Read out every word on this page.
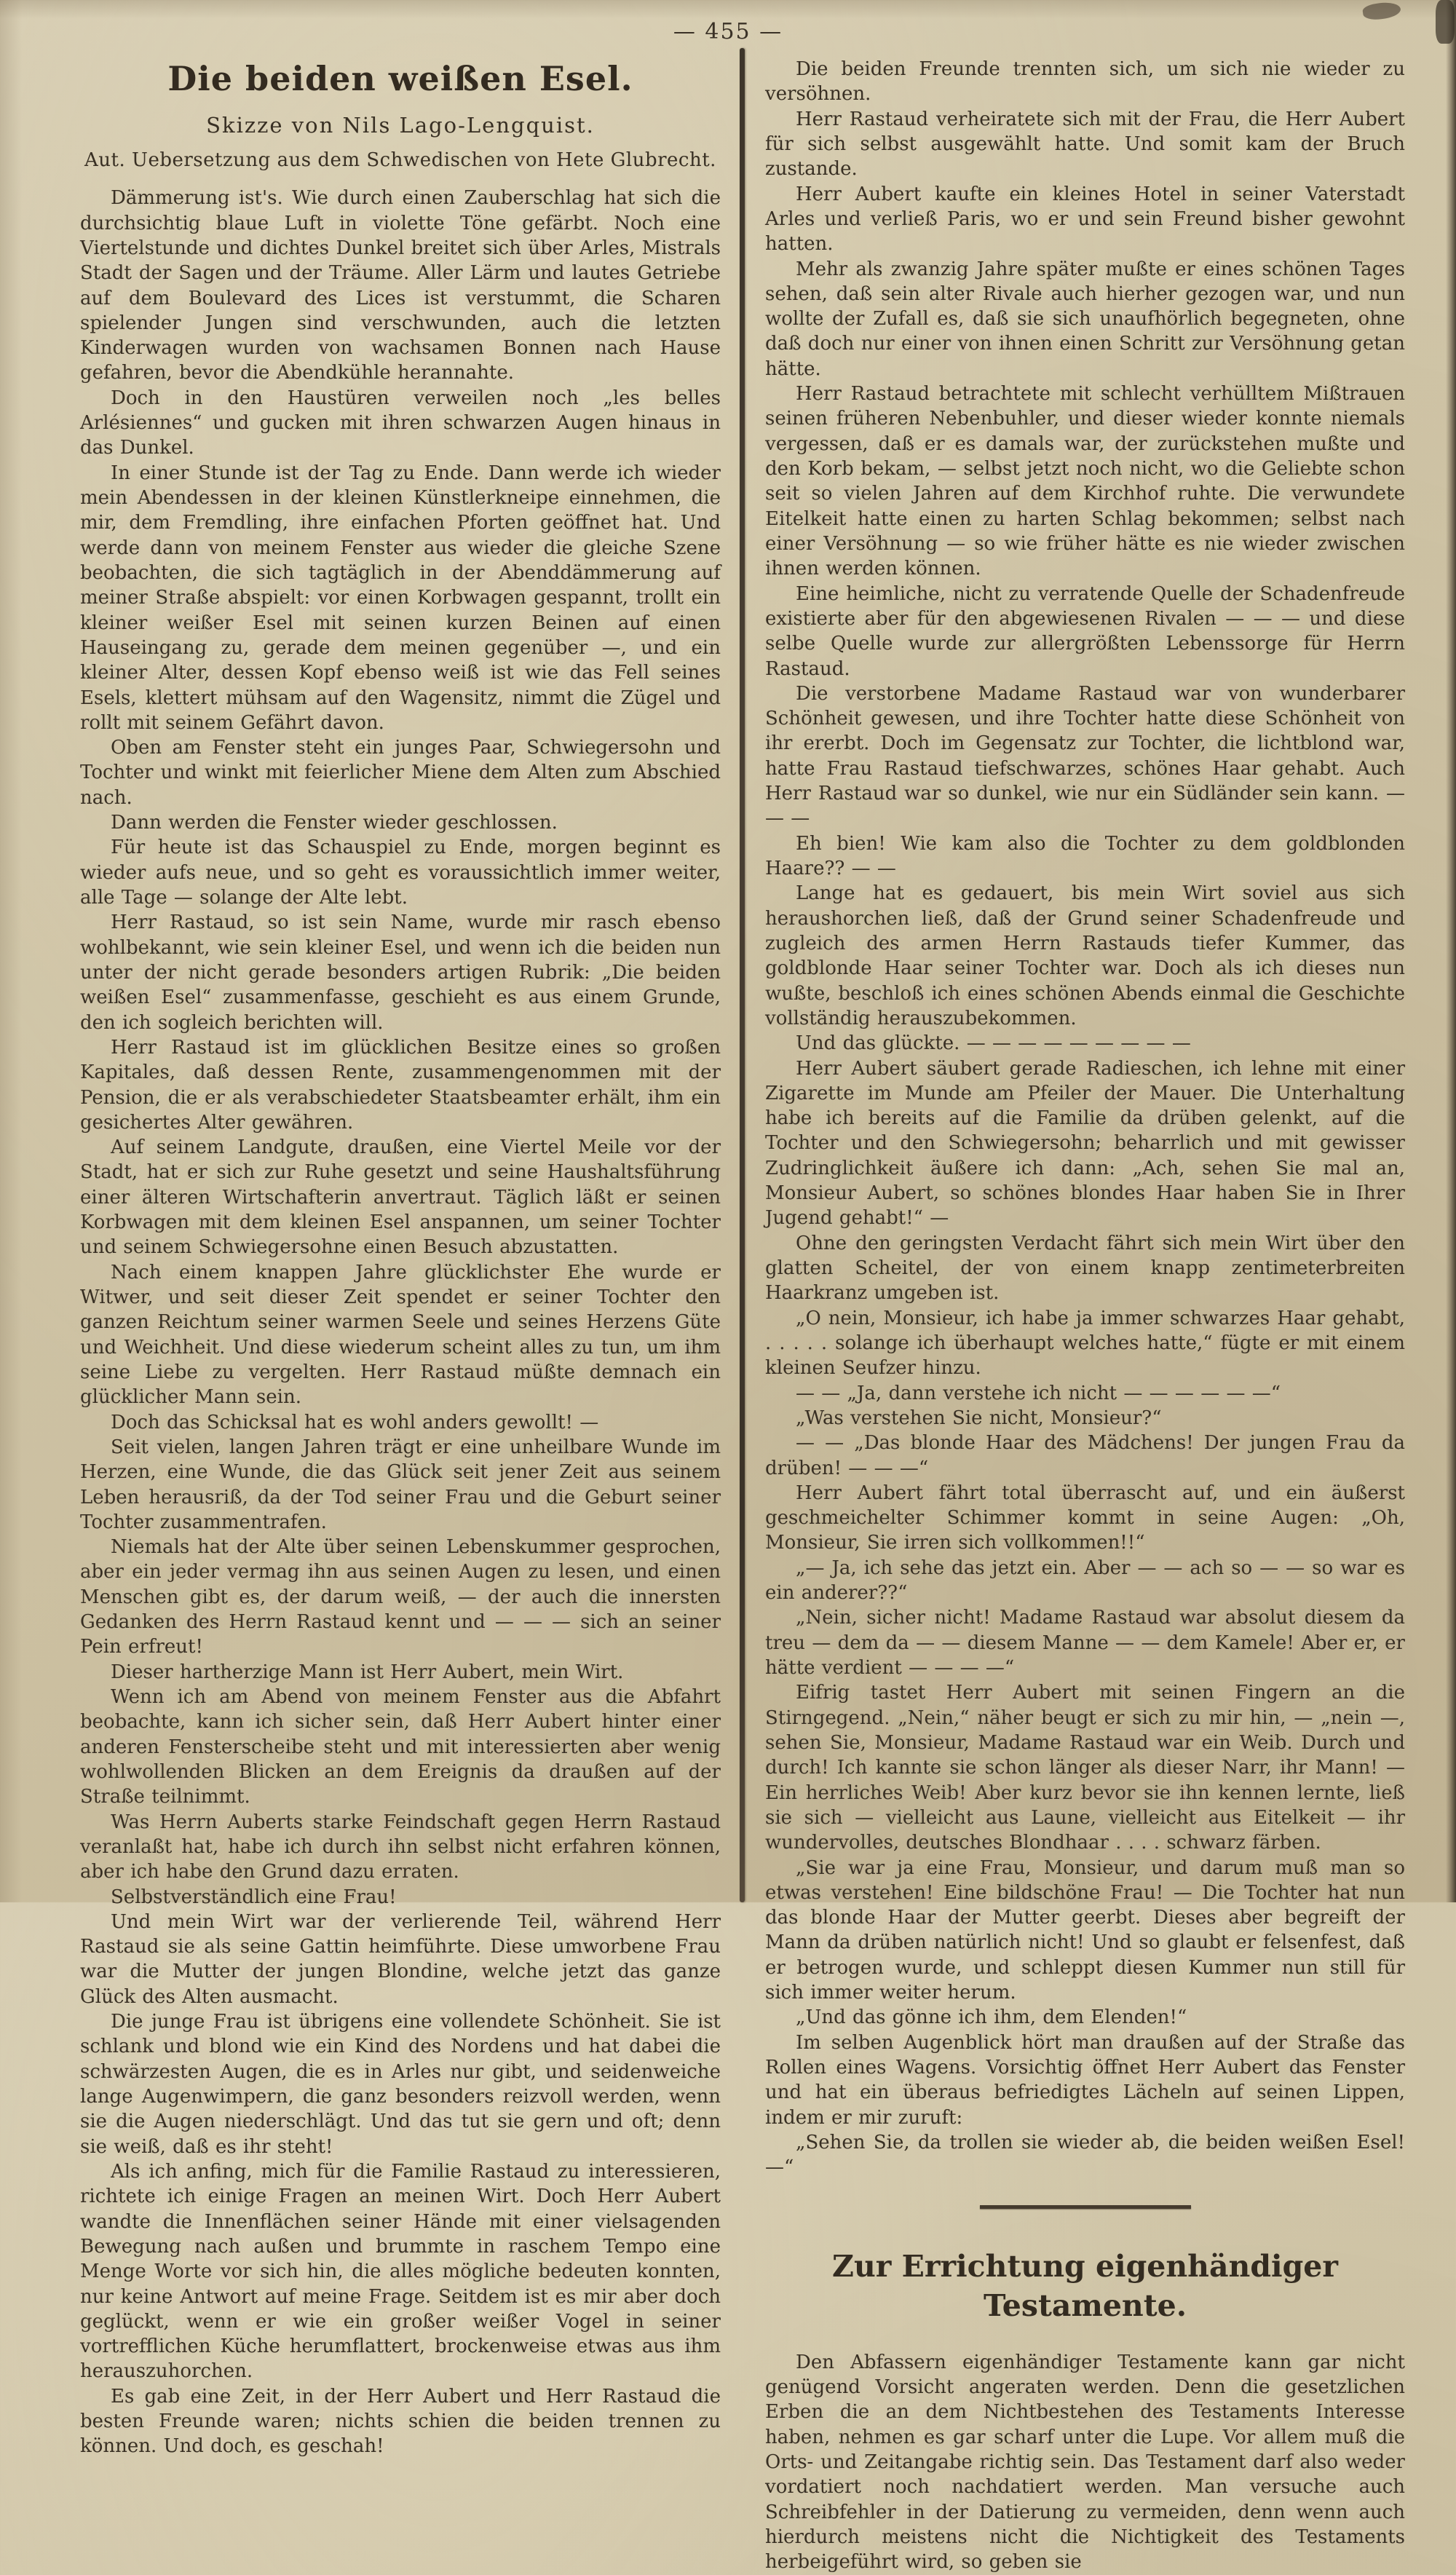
— 455 —
Die beiden weißen Esel.

Skizze von Nils Lago-Lengquist.

Aut. Uebersetzung aus dem Schwedischen von Hete Glubrecht.

Dämmerung ist's. Wie durch einen Zauberschlag hat sich die durchsichtig blaue Luft in violette Töne gefärbt. Noch eine Viertelstunde und dichtes Dunkel breitet sich über Arles, Mistrals Stadt der Sagen und der Träume. Aller Lärm und lautes Getriebe auf dem Boulevard des Lices ist verstummt, die Scharen spielender Jungen sind verschwunden, auch die letzten Kinderwagen wurden von wachsamen Bonnen nach Hause gefahren, bevor die Abendkühle herannahte.

Doch in den Haustüren verweilen noch „les belles Arlésiennes“ und gucken mit ihren schwarzen Augen hinaus in das Dunkel.

In einer Stunde ist der Tag zu Ende. Dann werde ich wieder mein Abendessen in der kleinen Künstlerkneipe einnehmen, die mir, dem Fremdling, ihre einfachen Pforten geöffnet hat. Und werde dann von meinem Fenster aus wieder die gleiche Szene beobachten, die sich tagtäglich in der Abenddämmerung auf meiner Straße abspielt: vor einen Korbwagen gespannt, trollt ein kleiner weißer Esel mit seinen kurzen Beinen auf einen Hauseingang zu, gerade dem meinen gegenüber —, und ein kleiner Alter, dessen Kopf ebenso weiß ist wie das Fell seines Esels, klettert mühsam auf den Wagensitz, nimmt die Zügel und rollt mit seinem Gefährt davon.

Oben am Fenster steht ein junges Paar, Schwiegersohn und Tochter und winkt mit feierlicher Miene dem Alten zum Abschied nach.

Dann werden die Fenster wieder geschlossen.

Für heute ist das Schauspiel zu Ende, morgen beginnt es wieder aufs neue, und so geht es voraussichtlich immer weiter, alle Tage — solange der Alte lebt.

Herr Rastaud, so ist sein Name, wurde mir rasch ebenso wohlbekannt, wie sein kleiner Esel, und wenn ich die beiden nun unter der nicht gerade besonders artigen Rubrik: „Die beiden weißen Esel“ zusammenfasse, geschieht es aus einem Grunde, den ich sogleich berichten will.

Herr Rastaud ist im glücklichen Besitze eines so großen Kapitales, daß dessen Rente, zusammengenommen mit der Pension, die er als verabschiedeter Staatsbeamter erhält, ihm ein gesichertes Alter gewähren.

Auf seinem Landgute, draußen, eine Viertel Meile vor der Stadt, hat er sich zur Ruhe gesetzt und seine Haushaltsführung einer älteren Wirtschafterin anvertraut. Täglich läßt er seinen Korbwagen mit dem kleinen Esel anspannen, um seiner Tochter und seinem Schwiegersohne einen Besuch abzustatten.

Nach einem knappen Jahre glücklichster Ehe wurde er Witwer, und seit dieser Zeit spendet er seiner Tochter den ganzen Reichtum seiner warmen Seele und seines Herzens Güte und Weichheit. Und diese wiederum scheint alles zu tun, um ihm seine Liebe zu vergelten. Herr Rastaud müßte demnach ein glücklicher Mann sein.

Doch das Schicksal hat es wohl anders gewollt! —

Seit vielen, langen Jahren trägt er eine unheilbare Wunde im Herzen, eine Wunde, die das Glück seit jener Zeit aus seinem Leben herausriß, da der Tod seiner Frau und die Geburt seiner Tochter zusammentrafen.

Niemals hat der Alte über seinen Lebenskummer gesprochen, aber ein jeder vermag ihn aus seinen Augen zu lesen, und einen Menschen gibt es, der darum weiß, — der auch die innersten Gedanken des Herrn Rastaud kennt und — — — sich an seiner Pein erfreut!

Dieser hartherzige Mann ist Herr Aubert, mein Wirt.

Wenn ich am Abend von meinem Fenster aus die Abfahrt beobachte, kann ich sicher sein, daß Herr Aubert hinter einer anderen Fensterscheibe steht und mit interessierten aber wenig wohlwollenden Blicken an dem Ereignis da draußen auf der Straße teilnimmt.

Was Herrn Auberts starke Feindschaft gegen Herrn Rastaud veranlaßt hat, habe ich durch ihn selbst nicht erfahren können, aber ich habe den Grund dazu erraten.

Selbstverständlich eine Frau!

Und mein Wirt war der verlierende Teil, während Herr Rastaud sie als seine Gattin heimführte. Diese umworbene Frau war die Mutter der jungen Blondine, welche jetzt das ganze Glück des Alten ausmacht.

Die junge Frau ist übrigens eine vollendete Schönheit. Sie ist schlank und blond wie ein Kind des Nordens und hat dabei die schwärzesten Augen, die es in Arles nur gibt, und seidenweiche lange Augenwimpern, die ganz besonders reizvoll werden, wenn sie die Augen niederschlägt. Und das tut sie gern und oft; denn sie weiß, daß es ihr steht!

Als ich anfing, mich für die Familie Rastaud zu interessieren, richtete ich einige Fragen an meinen Wirt. Doch Herr Aubert wandte die Innenflächen seiner Hände mit einer vielsagenden Bewegung nach außen und brummte in raschem Tempo eine Menge Worte vor sich hin, die alles mögliche bedeuten konnten, nur keine Antwort auf meine Frage. Seitdem ist es mir aber doch geglückt, wenn er wie ein großer weißer Vogel in seiner vortrefflichen Küche herumflattert, brockenweise etwas aus ihm herauszuhorchen.

Es gab eine Zeit, in der Herr Aubert und Herr Rastaud die besten Freunde waren; nichts schien die beiden trennen zu können. Und doch, es geschah!

Die beiden Freunde trennten sich, um sich nie wieder zu versöhnen.

Herr Rastaud verheiratete sich mit der Frau, die Herr Aubert für sich selbst ausgewählt hatte. Und somit kam der Bruch zustande.

Herr Aubert kaufte ein kleines Hotel in seiner Vaterstadt Arles und verließ Paris, wo er und sein Freund bisher gewohnt hatten.

Mehr als zwanzig Jahre später mußte er eines schönen Tages sehen, daß sein alter Rivale auch hierher gezogen war, und nun wollte der Zufall es, daß sie sich unaufhörlich begegneten, ohne daß doch nur einer von ihnen einen Schritt zur Versöhnung getan hätte.

Herr Rastaud betrachtete mit schlecht verhülltem Mißtrauen seinen früheren Nebenbuhler, und dieser wieder konnte niemals vergessen, daß er es damals war, der zurückstehen mußte und den Korb bekam, — selbst jetzt noch nicht, wo die Geliebte schon seit so vielen Jahren auf dem Kirchhof ruhte. Die verwundete Eitelkeit hatte einen zu harten Schlag bekommen; selbst nach einer Versöhnung — so wie früher hätte es nie wieder zwischen ihnen werden können.

Eine heimliche, nicht zu verratende Quelle der Schadenfreude existierte aber für den abgewiesenen Rivalen — — — und diese selbe Quelle wurde zur allergrößten Lebenssorge für Herrn Rastaud.

Die verstorbene Madame Rastaud war von wunderbarer Schönheit gewesen, und ihre Tochter hatte diese Schönheit von ihr ererbt. Doch im Gegensatz zur Tochter, die lichtblond war, hatte Frau Rastaud tiefschwarzes, schönes Haar gehabt. Auch Herr Rastaud war so dunkel, wie nur ein Südländer sein kann. — — —

Eh bien! Wie kam also die Tochter zu dem goldblonden Haare?? — —

Lange hat es gedauert, bis mein Wirt soviel aus sich heraushorchen ließ, daß der Grund seiner Schadenfreude und zugleich des armen Herrn Rastauds tiefer Kummer, das goldblonde Haar seiner Tochter war. Doch als ich dieses nun wußte, beschloß ich eines schönen Abends einmal die Geschichte vollständig herauszubekommen.

Und das glückte. — — — — — — — — —

Herr Aubert säubert gerade Radieschen, ich lehne mit einer Zigarette im Munde am Pfeiler der Mauer. Die Unterhaltung habe ich bereits auf die Familie da drüben gelenkt, auf die Tochter und den Schwiegersohn; beharrlich und mit gewisser Zudringlichkeit äußere ich dann: „Ach, sehen Sie mal an, Monsieur Aubert, so schönes blondes Haar haben Sie in Ihrer Jugend gehabt!“ —

Ohne den geringsten Verdacht fährt sich mein Wirt über den glatten Scheitel, der von einem knapp zentimeterbreiten Haarkranz umgeben ist.

„O nein, Monsieur, ich habe ja immer schwarzes Haar gehabt, . . . . . solange ich überhaupt welches hatte,“ fügte er mit einem kleinen Seufzer hinzu.

— — „Ja, dann verstehe ich nicht — — — — — —“

„Was verstehen Sie nicht, Monsieur?“

— — „Das blonde Haar des Mädchens! Der jungen Frau da drüben! — — —“

Herr Aubert fährt total überrascht auf, und ein äußerst geschmeichelter Schimmer kommt in seine Augen: „Oh, Monsieur, Sie irren sich vollkommen!!“

„— Ja, ich sehe das jetzt ein. Aber — — ach so — — so war es ein anderer??“

„Nein, sicher nicht! Madame Rastaud war absolut diesem da treu — dem da — — diesem Manne — — dem Kamele! Aber er, er hätte verdient — — — —“

Eifrig tastet Herr Aubert mit seinen Fingern an die Stirngegend. „Nein,“ näher beugt er sich zu mir hin, — „nein —, sehen Sie, Monsieur, Madame Rastaud war ein Weib. Durch und durch! Ich kannte sie schon länger als dieser Narr, ihr Mann! — Ein herrliches Weib! Aber kurz bevor sie ihn kennen lernte, ließ sie sich — vielleicht aus Laune, vielleicht aus Eitelkeit — ihr wundervolles, deutsches Blondhaar . . . . schwarz färben.

„Sie war ja eine Frau, Monsieur, und darum muß man so etwas verstehen! Eine bildschöne Frau! — Die Tochter hat nun das blonde Haar der Mutter geerbt. Dieses aber begreift der Mann da drüben natürlich nicht! Und so glaubt er felsenfest, daß er betrogen wurde, und schleppt diesen Kummer nun still für sich immer weiter herum.

„Und das gönne ich ihm, dem Elenden!“

Im selben Augenblick hört man draußen auf der Straße das Rollen eines Wagens. Vorsichtig öffnet Herr Aubert das Fenster und hat ein überaus befriedigtes Lächeln auf seinen Lippen, indem er mir zuruft:

„Sehen Sie, da trollen sie wieder ab, die beiden weißen Esel! —“

Zur Errichtung eigenhändiger Testamente.

Den Abfassern eigenhändiger Testamente kann gar nicht genügend Vorsicht angeraten werden. Denn die gesetzlichen Erben die an dem Nichtbestehen des Testaments Interesse haben, nehmen es gar scharf unter die Lupe. Vor allem muß die Orts- und Zeitangabe richtig sein. Das Testament darf also weder vordatiert noch nachdatiert werden. Man versuche auch Schreibfehler in der Datierung zu vermeiden, denn wenn auch hierdurch meistens nicht die Nichtigkeit des Testaments herbeigeführt wird, so geben sie
